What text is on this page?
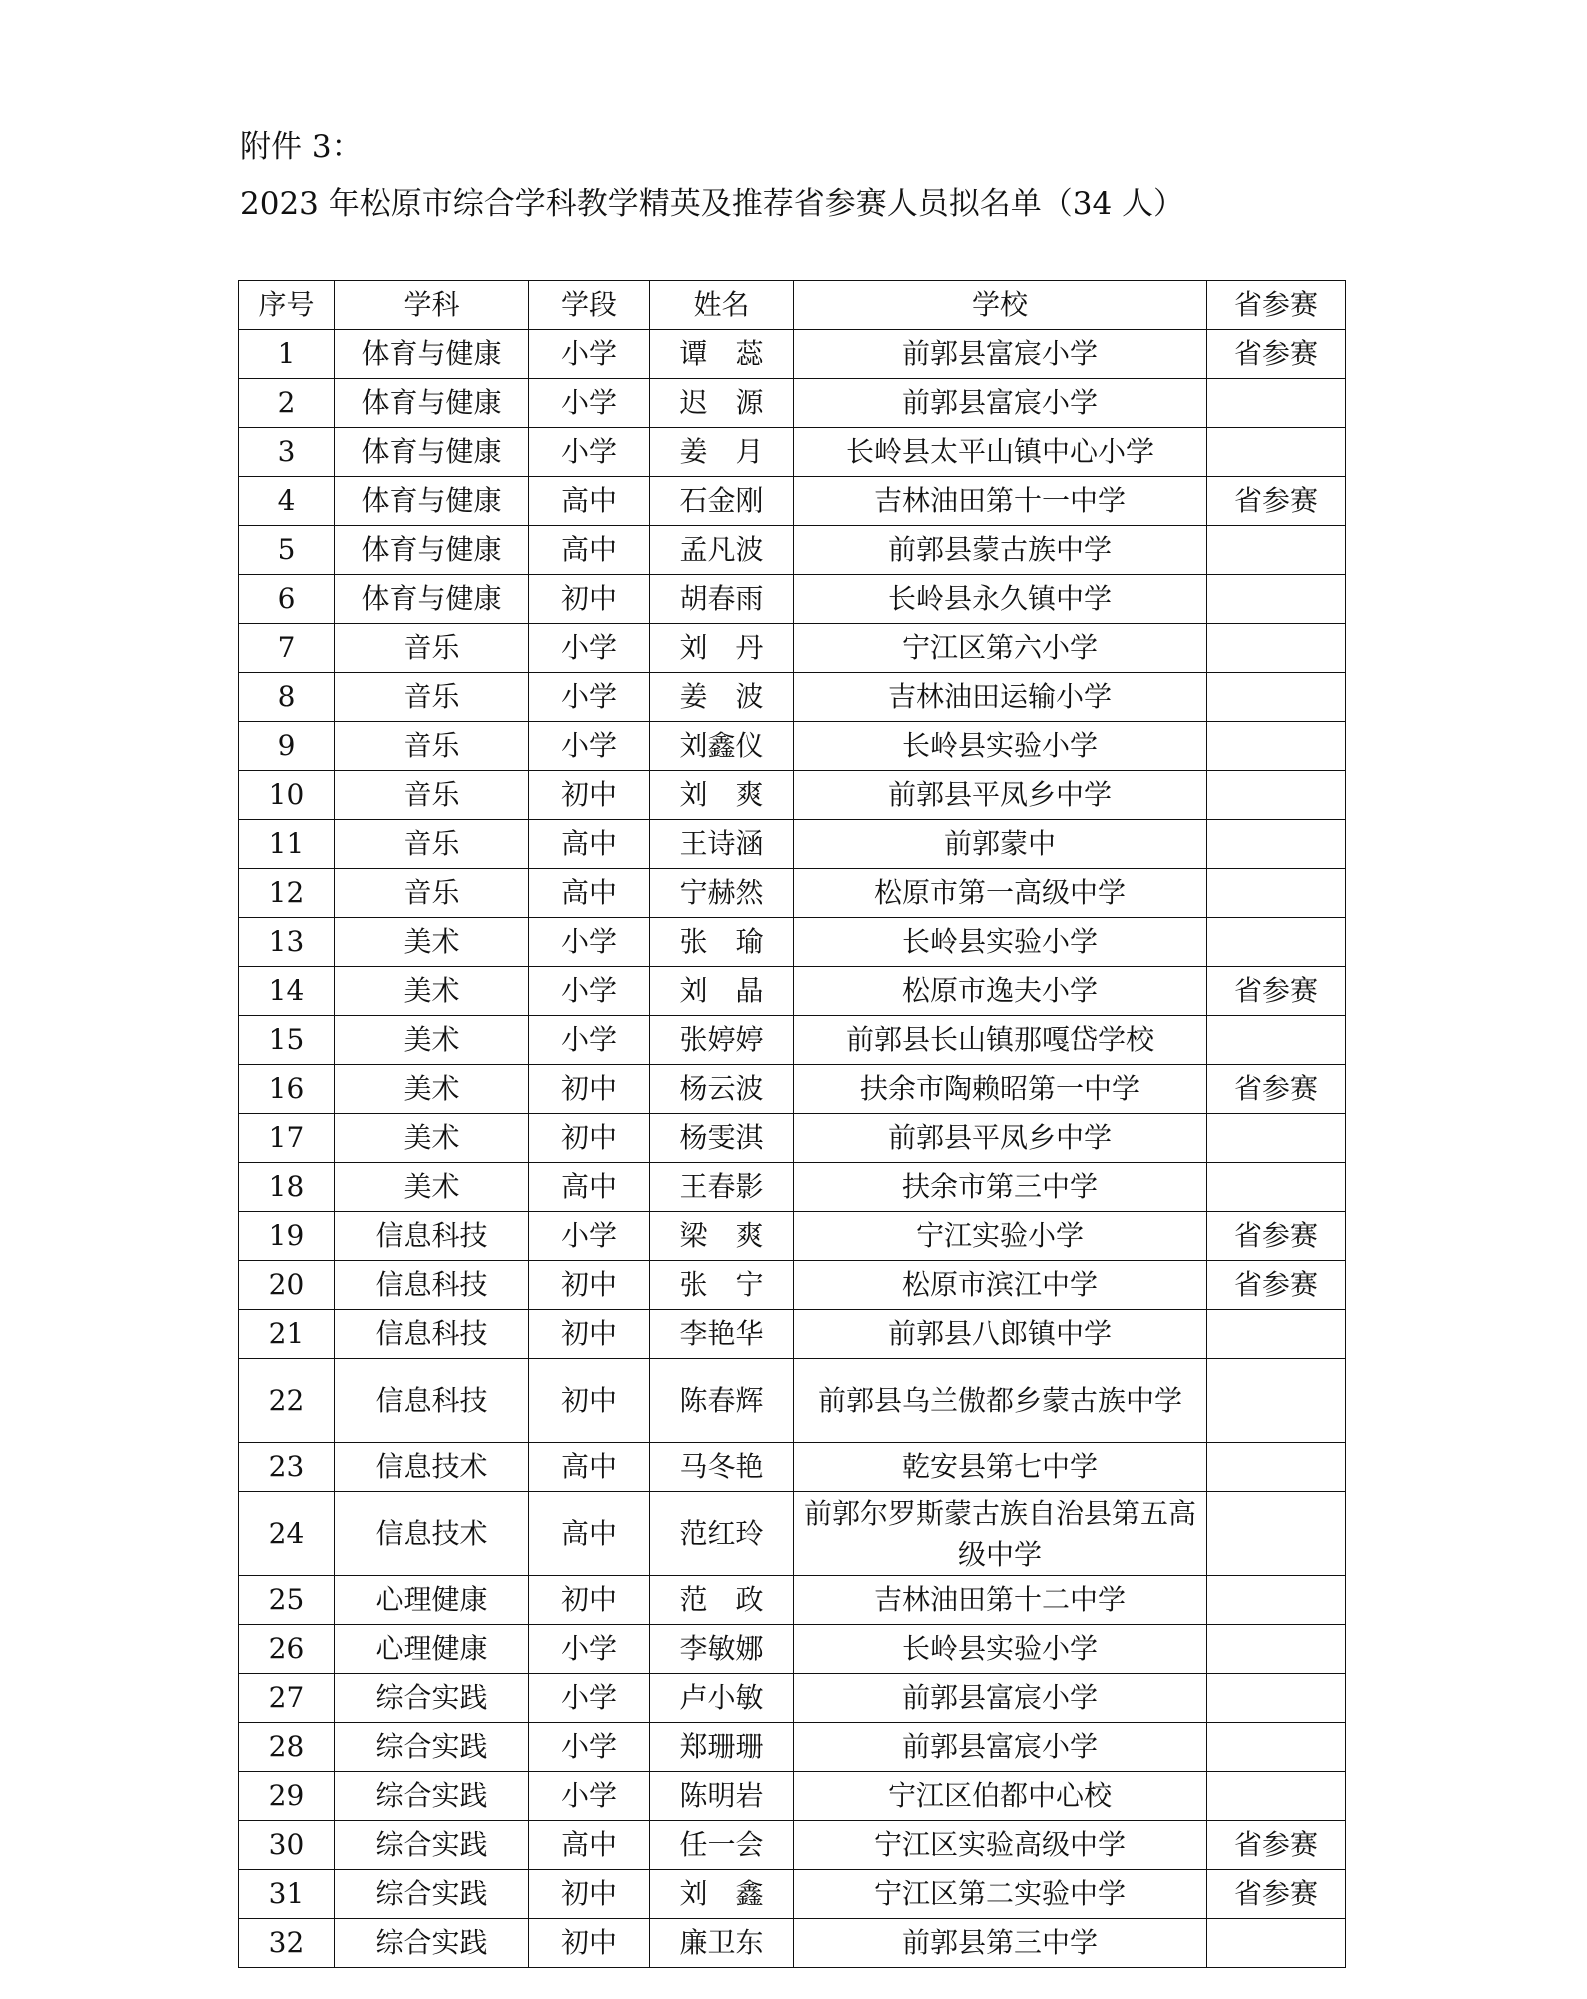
附件 3：
2023 年松原市综合学科教学精英及推荐省参赛人员拟名单（34 人）
序号	学科	学段	姓名	学校	省参赛
1	体育与健康	小学	谭　蕊	前郭县富宸小学	省参赛
2	体育与健康	小学	迟　源	前郭县富宸小学	
3	体育与健康	小学	姜　月	长岭县太平山镇中心小学	
4	体育与健康	高中	石金刚	吉林油田第十一中学	省参赛
5	体育与健康	高中	孟凡波	前郭县蒙古族中学	
6	体育与健康	初中	胡春雨	长岭县永久镇中学	
7	音乐	小学	刘　丹	宁江区第六小学	
8	音乐	小学	姜　波	吉林油田运输小学	
9	音乐	小学	刘鑫仪	长岭县实验小学	
10	音乐	初中	刘　爽	前郭县平凤乡中学	
11	音乐	高中	王诗涵	前郭蒙中	
12	音乐	高中	宁赫然	松原市第一高级中学	
13	美术	小学	张　瑜	长岭县实验小学	
14	美术	小学	刘　晶	松原市逸夫小学	省参赛
15	美术	小学	张婷婷	前郭县长山镇那嘎岱学校	
16	美术	初中	杨云波	扶余市陶赖昭第一中学	省参赛
17	美术	初中	杨雯淇	前郭县平凤乡中学	
18	美术	高中	王春影	扶余市第三中学	
19	信息科技	小学	梁　爽	宁江实验小学	省参赛
20	信息科技	初中	张　宁	松原市滨江中学	省参赛
21	信息科技	初中	李艳华	前郭县八郎镇中学	
22	信息科技	初中	陈春辉	前郭县乌兰傲都乡蒙古族中学	
23	信息技术	高中	马冬艳	乾安县第七中学	
24	信息技术	高中	范红玲	前郭尔罗斯蒙古族自治县第五高级中学	
25	心理健康	初中	范　政	吉林油田第十二中学	
26	心理健康	小学	李敏娜	长岭县实验小学	
27	综合实践	小学	卢小敏	前郭县富宸小学	
28	综合实践	小学	郑珊珊	前郭县富宸小学	
29	综合实践	小学	陈明岩	宁江区伯都中心校	
30	综合实践	高中	任一会	宁江区实验高级中学	省参赛
31	综合实践	初中	刘　鑫	宁江区第二实验中学	省参赛
32	综合实践	初中	廉卫东	前郭县第三中学	
